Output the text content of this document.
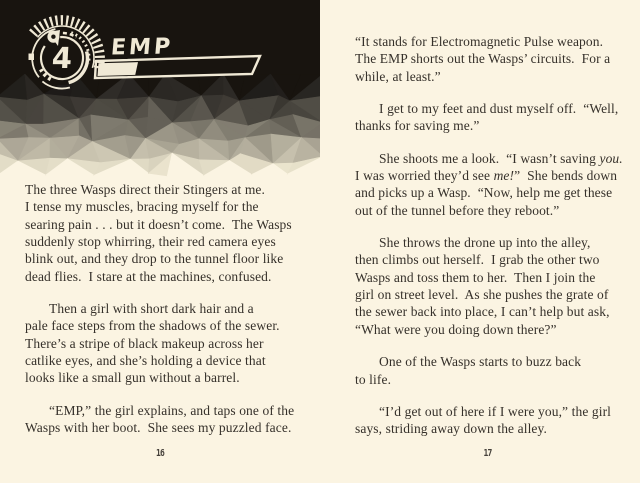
4 EMP
The three Wasps direct their Stingers at me.
I tense my muscles, bracing myself for the
searing pain . . . but it doesn’t come.  The Wasps
suddenly stop whirring, their red camera eyes
blink out, and they drop to the tunnel floor like
dead flies.  I stare at the machines, confused.
Then a girl with short dark hair and a
pale face steps from the shadows of the sewer.
There’s a stripe of black makeup across her
catlike eyes, and she’s holding a device that
looks like a small gun without a barrel.
“EMP,” the girl explains, and taps one of the
Wasps with her boot.  She sees my puzzled face.
16
“It stands for Electromagnetic Pulse weapon.
The EMP shorts out the Wasps’ circuits.  For a
while, at least.”
I get to my feet and dust myself off.  “Well,
thanks for saving me.”
She shoots me a look.  “I wasn’t saving you.
I was worried they’d see me!”  She bends down
and picks up a Wasp.  “Now, help me get these
out of the tunnel before they reboot.”
She throws the drone up into the alley,
then climbs out herself.  I grab the other two
Wasps and toss them to her.  Then I join the
girl on street level.  As she pushes the grate of
the sewer back into place, I can’t help but ask,
“What were you doing down there?”
One of the Wasps starts to buzz back
to life.
“I’d get out of here if I were you,” the girl
says, striding away down the alley.
17
